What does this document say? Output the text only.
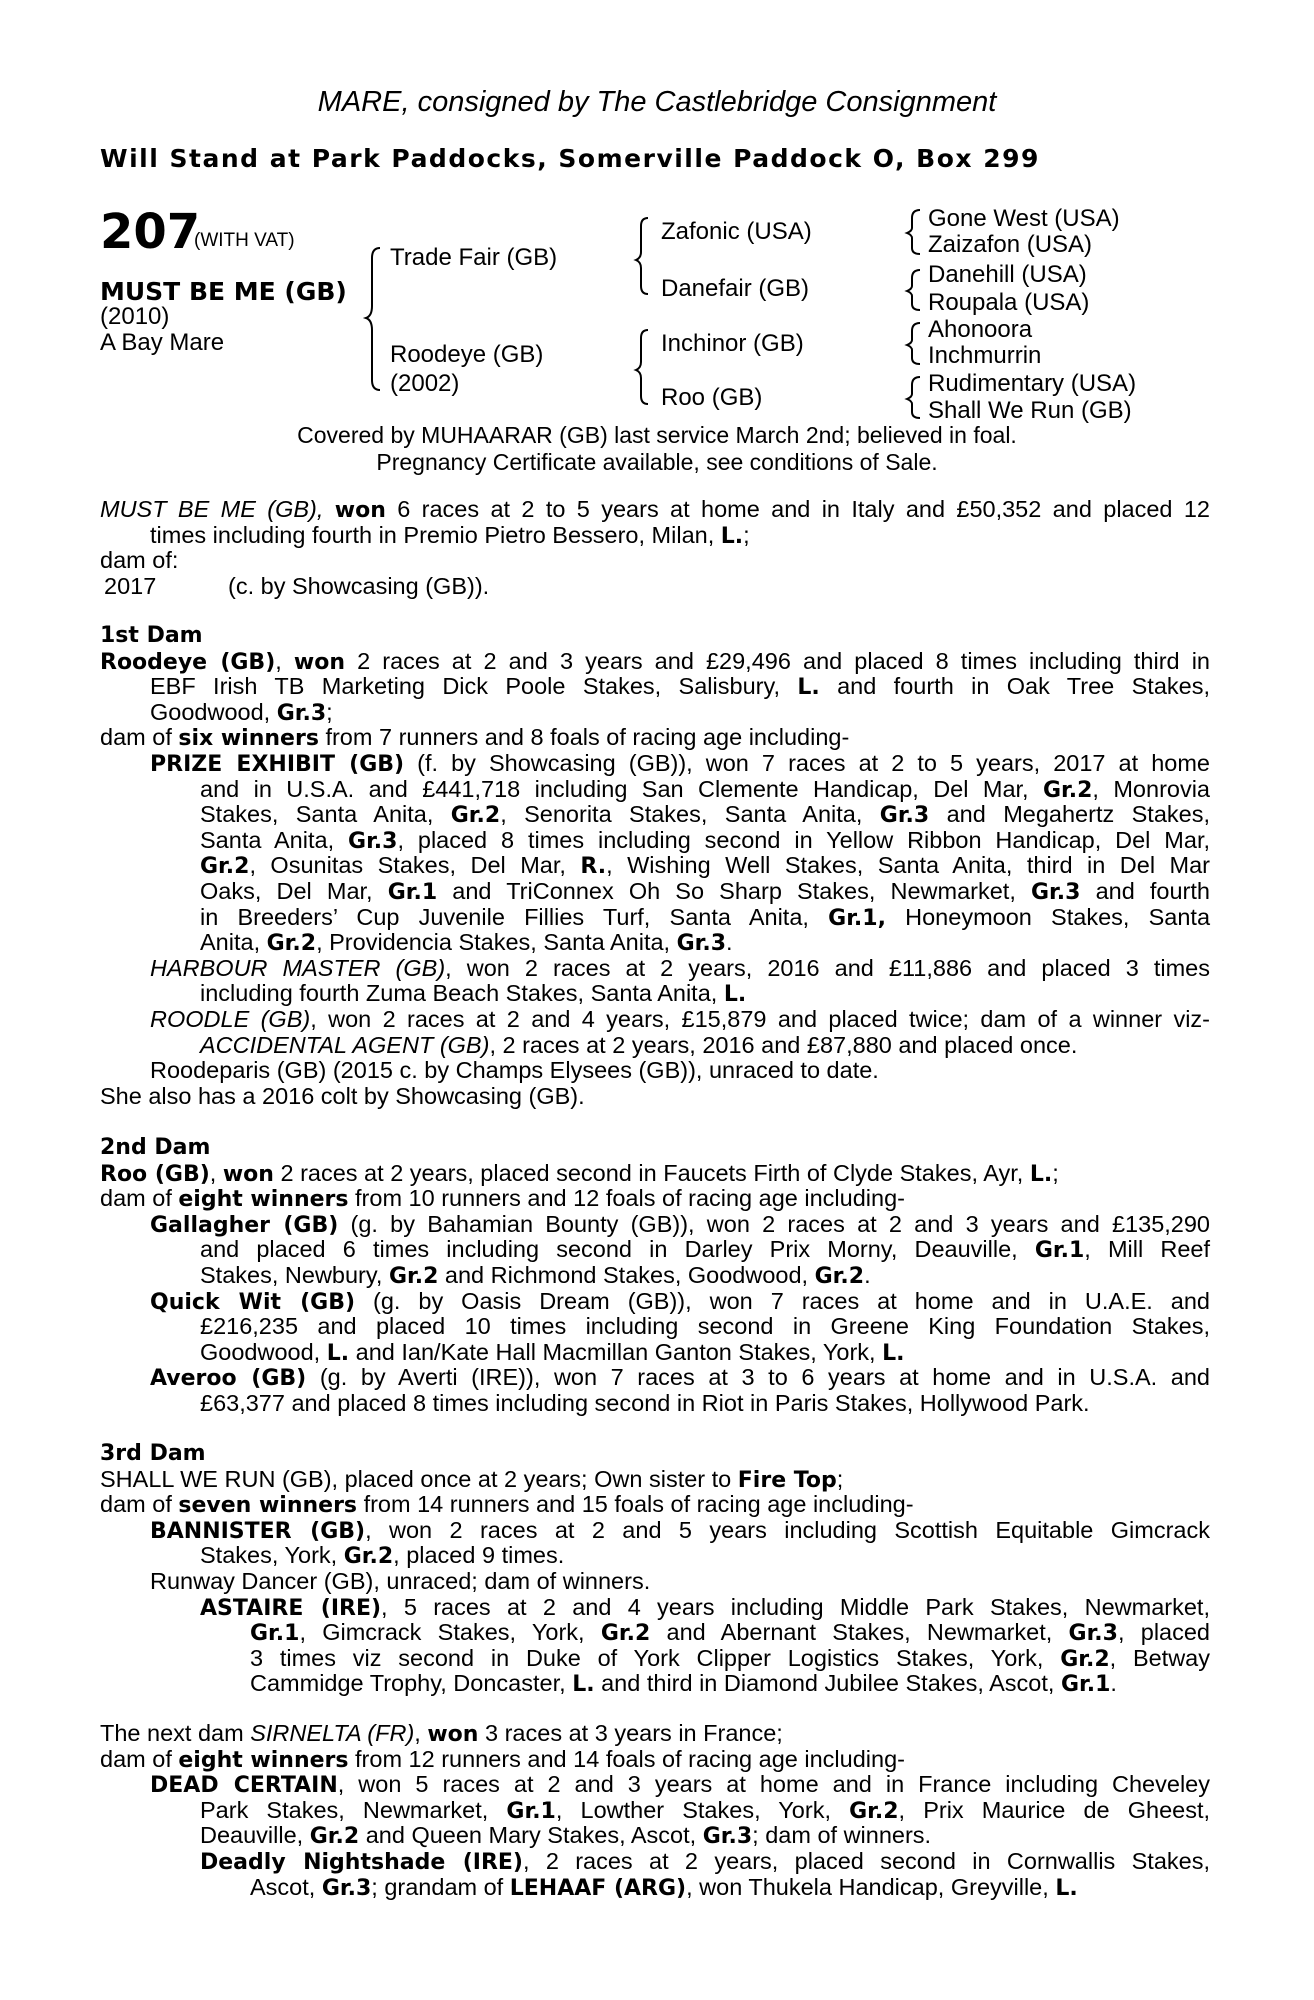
MARE, consigned by The Castlebridge Consignment
Will Stand at Park Paddocks, Somerville Paddock O, Box 299
207
(WITH VAT)
MUST BE ME (GB)
(2010)
A Bay Mare
Trade Fair (GB)
Zafonic (USA)
Danefair (GB)
Gone West (USA)
Zaizafon (USA)
Danehill (USA)
Roupala (USA)
Roodeye (GB)
(2002)
Inchinor (GB)
Roo (GB)
Ahonoora
Inchmurrin
Rudimentary (USA)
Shall We Run (GB)
Covered by MUHAARAR (GB) last service March 2nd; believed in foal.
Pregnancy Certificate available, see conditions of Sale.
MUST BE ME (GB), won 6 races at 2 to 5 years at home and in Italy and £50,352 and placed 12
times including fourth in Premio Pietro Bessero, Milan, L.;
dam of:
2017	(c. by Showcasing (GB)).
1st Dam
Roodeye (GB), won 2 races at 2 and 3 years and £29,496 and placed 8 times including third in
EBF Irish TB Marketing Dick Poole Stakes, Salisbury, L. and fourth in Oak Tree Stakes,
Goodwood, Gr.3;
dam of six winners from 7 runners and 8 foals of racing age including-
PRIZE EXHIBIT (GB) (f. by Showcasing (GB)), won 7 races at 2 to 5 years, 2017 at home
and in U.S.A. and £441,718 including San Clemente Handicap, Del Mar, Gr.2, Monrovia
Stakes, Santa Anita, Gr.2, Senorita Stakes, Santa Anita, Gr.3 and Megahertz Stakes,
Santa Anita, Gr.3, placed 8 times including second in Yellow Ribbon Handicap, Del Mar,
Gr.2, Osunitas Stakes, Del Mar, R., Wishing Well Stakes, Santa Anita, third in Del Mar
Oaks, Del Mar, Gr.1 and TriConnex Oh So Sharp Stakes, Newmarket, Gr.3 and fourth
in Breeders’ Cup Juvenile Fillies Turf, Santa Anita, Gr.1, Honeymoon Stakes, Santa
Anita, Gr.2, Providencia Stakes, Santa Anita, Gr.3.
HARBOUR MASTER (GB), won 2 races at 2 years, 2016 and £11,886 and placed 3 times
including fourth Zuma Beach Stakes, Santa Anita, L.
ROODLE (GB), won 2 races at 2 and 4 years, £15,879 and placed twice; dam of a winner viz-
ACCIDENTAL AGENT (GB), 2 races at 2 years, 2016 and £87,880 and placed once.
Roodeparis (GB) (2015 c. by Champs Elysees (GB)), unraced to date.
She also has a 2016 colt by Showcasing (GB).
2nd Dam
Roo (GB), won 2 races at 2 years, placed second in Faucets Firth of Clyde Stakes, Ayr, L.;
dam of eight winners from 10 runners and 12 foals of racing age including-
Gallagher (GB) (g. by Bahamian Bounty (GB)), won 2 races at 2 and 3 years and £135,290
and placed 6 times including second in Darley Prix Morny, Deauville, Gr.1, Mill Reef
Stakes, Newbury, Gr.2 and Richmond Stakes, Goodwood, Gr.2.
Quick Wit (GB) (g. by Oasis Dream (GB)), won 7 races at home and in U.A.E. and
£216,235 and placed 10 times including second in Greene King Foundation Stakes,
Goodwood, L. and Ian/Kate Hall Macmillan Ganton Stakes, York, L.
Averoo (GB) (g. by Averti (IRE)), won 7 races at 3 to 6 years at home and in U.S.A. and
£63,377 and placed 8 times including second in Riot in Paris Stakes, Hollywood Park.
3rd Dam
SHALL WE RUN (GB), placed once at 2 years; Own sister to Fire Top;
dam of seven winners from 14 runners and 15 foals of racing age including-
BANNISTER (GB), won 2 races at 2 and 5 years including Scottish Equitable Gimcrack
Stakes, York, Gr.2, placed 9 times.
Runway Dancer (GB), unraced; dam of winners.
ASTAIRE (IRE), 5 races at 2 and 4 years including Middle Park Stakes, Newmarket,
Gr.1, Gimcrack Stakes, York, Gr.2 and Abernant Stakes, Newmarket, Gr.3, placed
3 times viz second in Duke of York Clipper Logistics Stakes, York, Gr.2, Betway
Cammidge Trophy, Doncaster, L. and third in Diamond Jubilee Stakes, Ascot, Gr.1.
The next dam SIRNELTA (FR), won 3 races at 3 years in France;
dam of eight winners from 12 runners and 14 foals of racing age including-
DEAD CERTAIN, won 5 races at 2 and 3 years at home and in France including Cheveley
Park Stakes, Newmarket, Gr.1, Lowther Stakes, York, Gr.2, Prix Maurice de Gheest,
Deauville, Gr.2 and Queen Mary Stakes, Ascot, Gr.3; dam of winners.
Deadly Nightshade (IRE), 2 races at 2 years, placed second in Cornwallis Stakes,
Ascot, Gr.3; grandam of LEHAAF (ARG), won Thukela Handicap, Greyville, L.
